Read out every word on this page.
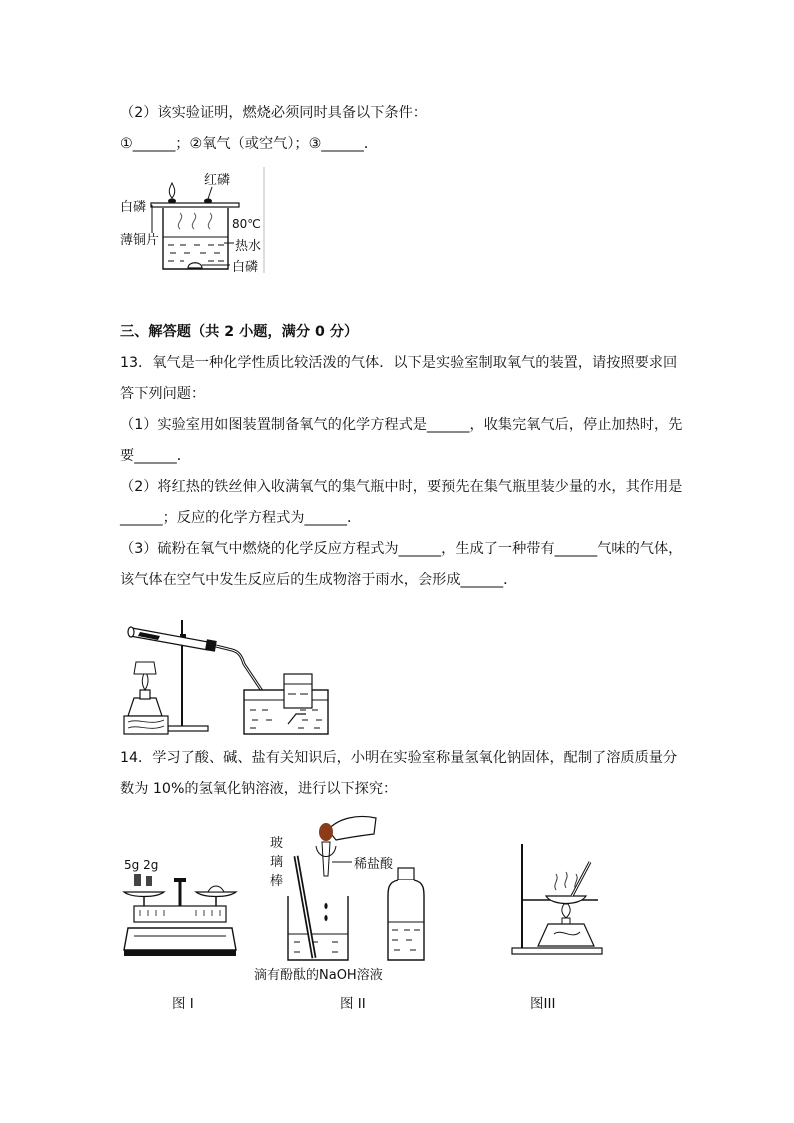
（2）该实验证明，燃烧必须同时具备以下条件：
①______；②氧气（或空气）；③______．
红磷
白磷
薄铜片
80℃
热水
白磷
三、解答题（共 2 小题，满分 0 分）
13．氧气是一种化学性质比较活泼的气体．以下是实验室制取氧气的装置，请按照要求回
答下列问题：
（1）实验室用如图装置制备氧气的化学方程式是______，收集完氧气后，停止加热时，先
要______．
（2）将红热的铁丝伸入收满氧气的集气瓶中时，要预先在集气瓶里装少量的水，其作用是
______；反应的化学方程式为______．
（3）硫粉在氧气中燃烧的化学反应方程式为______，生成了一种带有______气味的气体，
该气体在空气中发生反应后的生成物溶于雨水，会形成______．
14．学习了酸、碱、盐有关知识后，小明在实验室称量氢氧化钠固体，配制了溶质质量分
数为 10%的氢氧化钠溶液，进行以下探究：
5g 2g
玻
璃
棒
稀盐酸
滴有酚酞的NaOH溶液
图 I	图 II	图III
